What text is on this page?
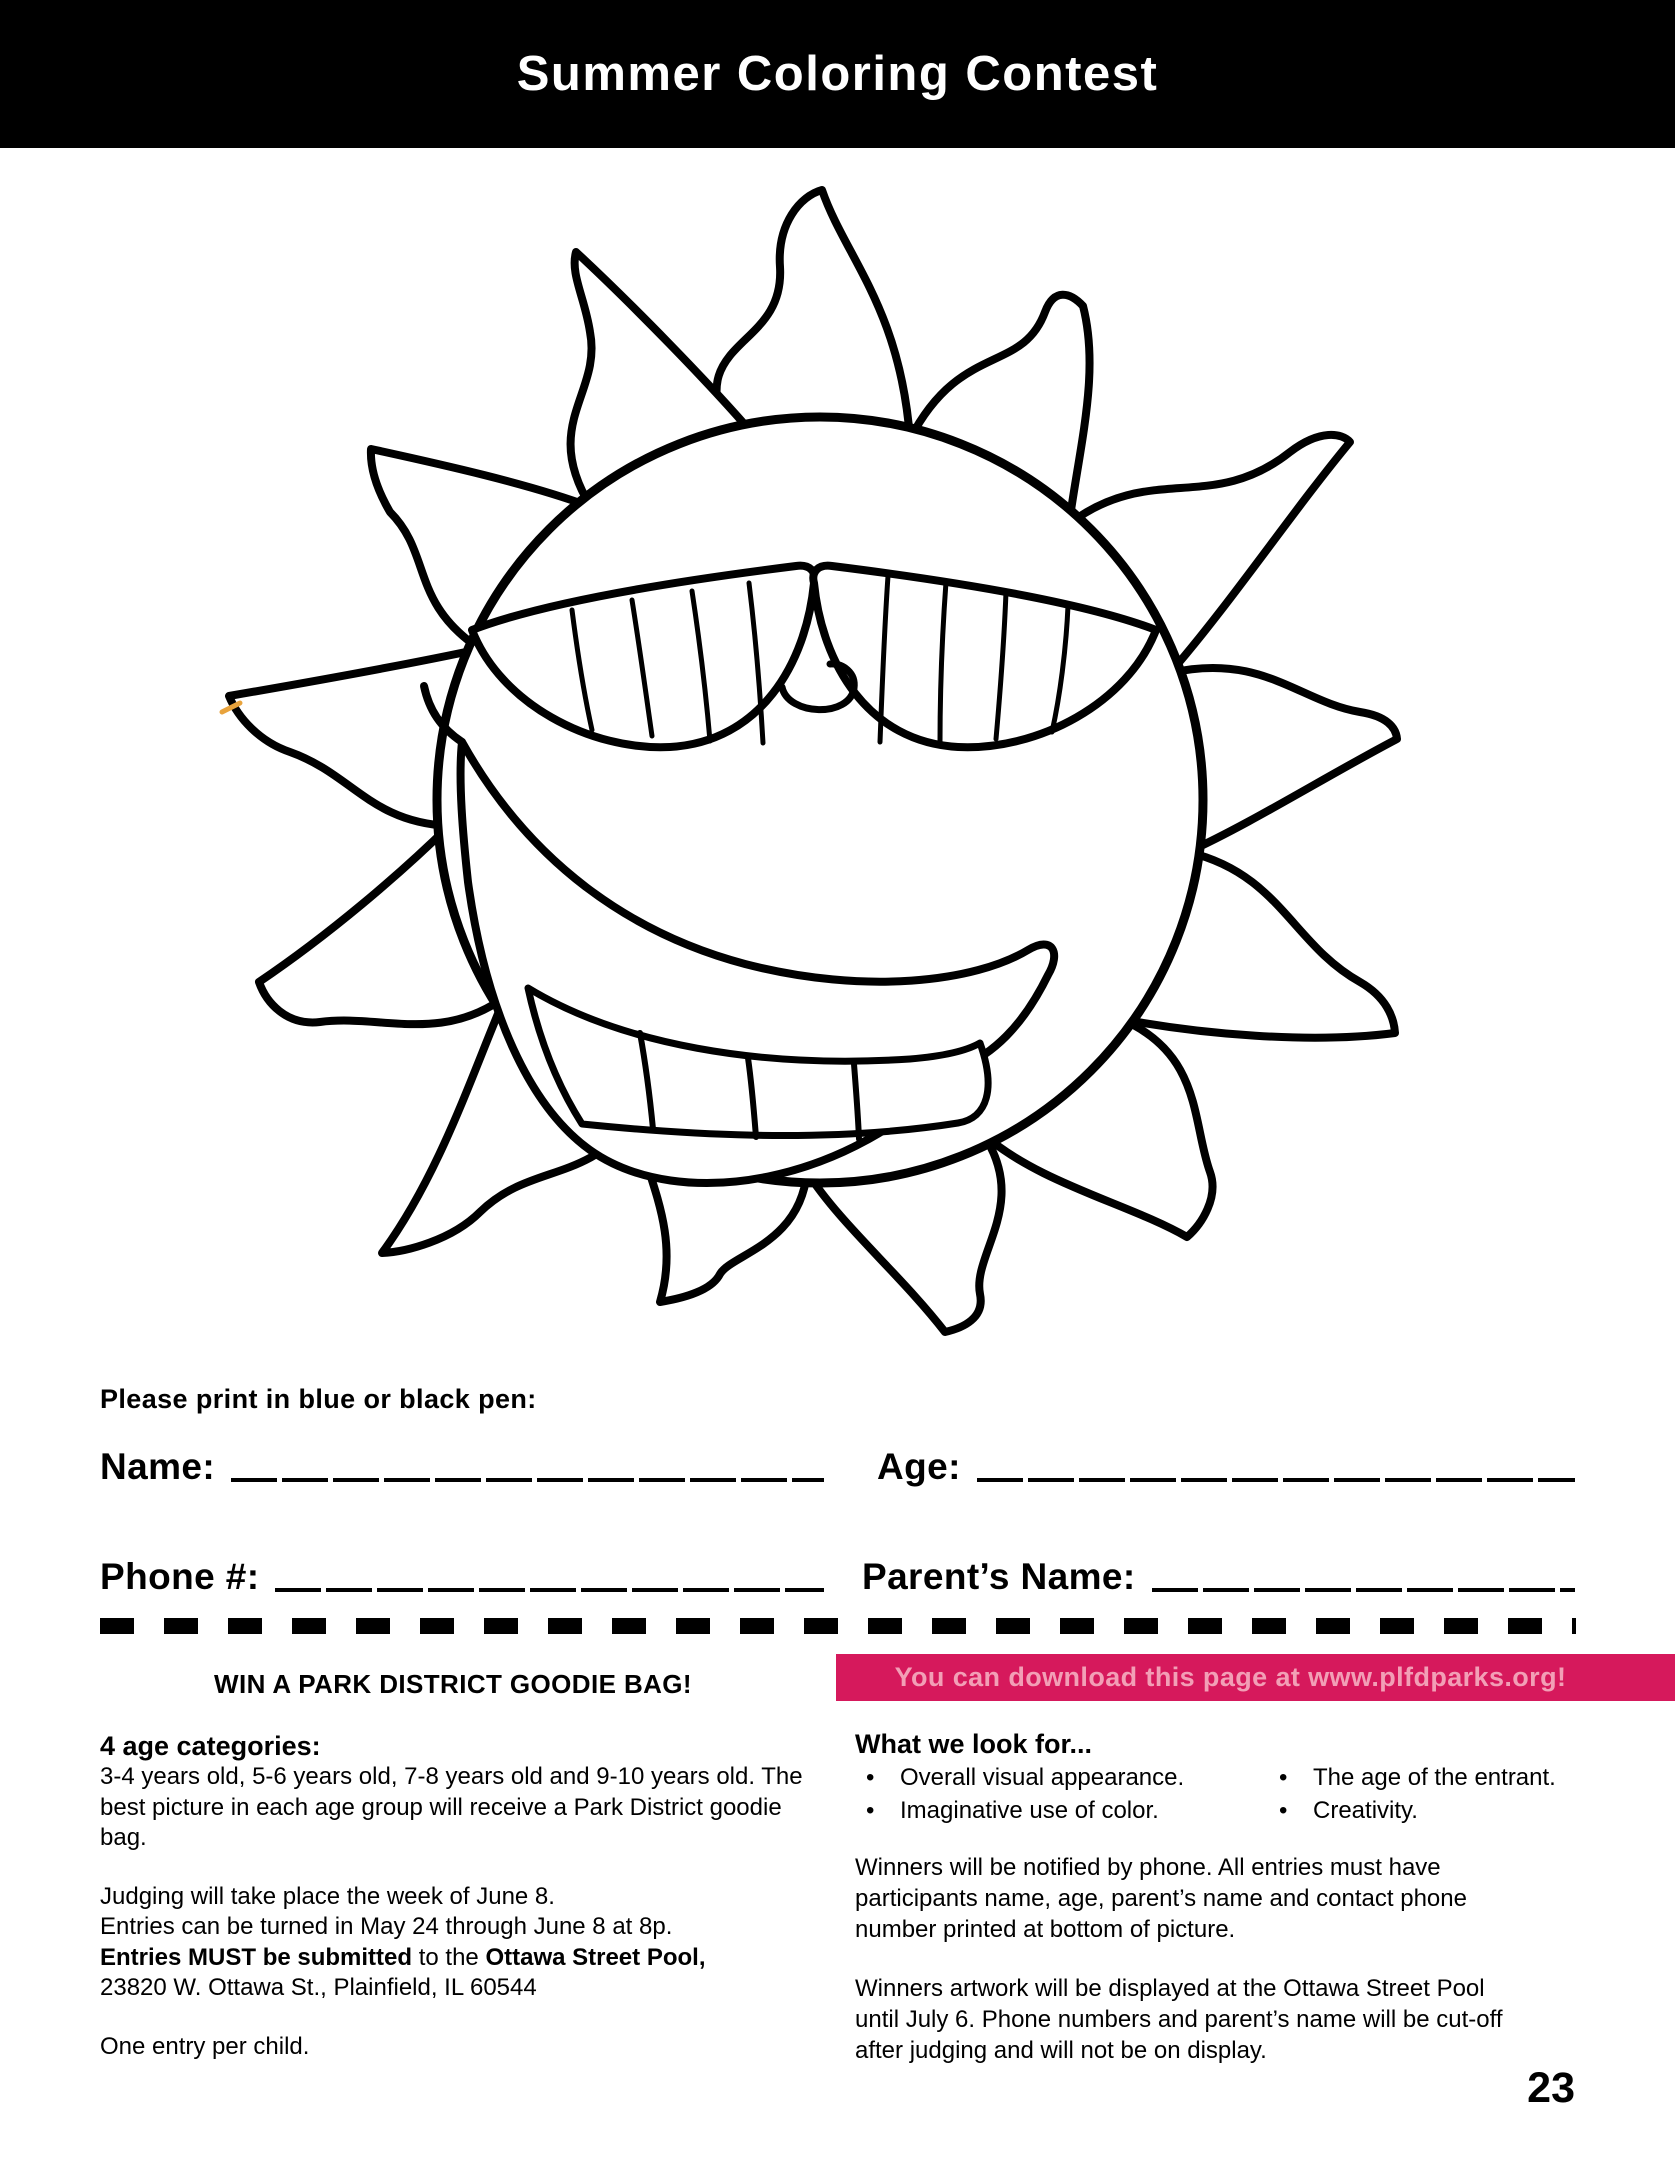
Summer Coloring Contest
Please print in blue or black pen:
Name:	Age:
Phone #:	Parent’s Name:
WIN A PARK DISTRICT GOODIE BAG!
4 age categories:

3-4 years old, 5-6 years old, 7-8 years old and 9-10 years old. The best picture in each age group will receive a Park District goodie bag.

Judging will take place the week of June 8.

Entries can be turned in May 24 through June 8 at 8p.

Entries MUST be submitted to the Ottawa Street Pool,

23820 W. Ottawa St., Plainfield, IL 60544

One entry per child.

You can download this page at www.plfdparks.org!
What we look for...
•	Overall visual appearance.	•	The age of the entrant.
•	Imaginative use of color.	•	Creativity.

Winners will be notified by phone. All entries must have participants name, age, parent’s name and contact phone number printed at bottom of picture.

Winners artwork will be displayed at the Ottawa Street Pool until July 6. Phone numbers and parent’s name will be cut-off after judging and will not be on display.

23
